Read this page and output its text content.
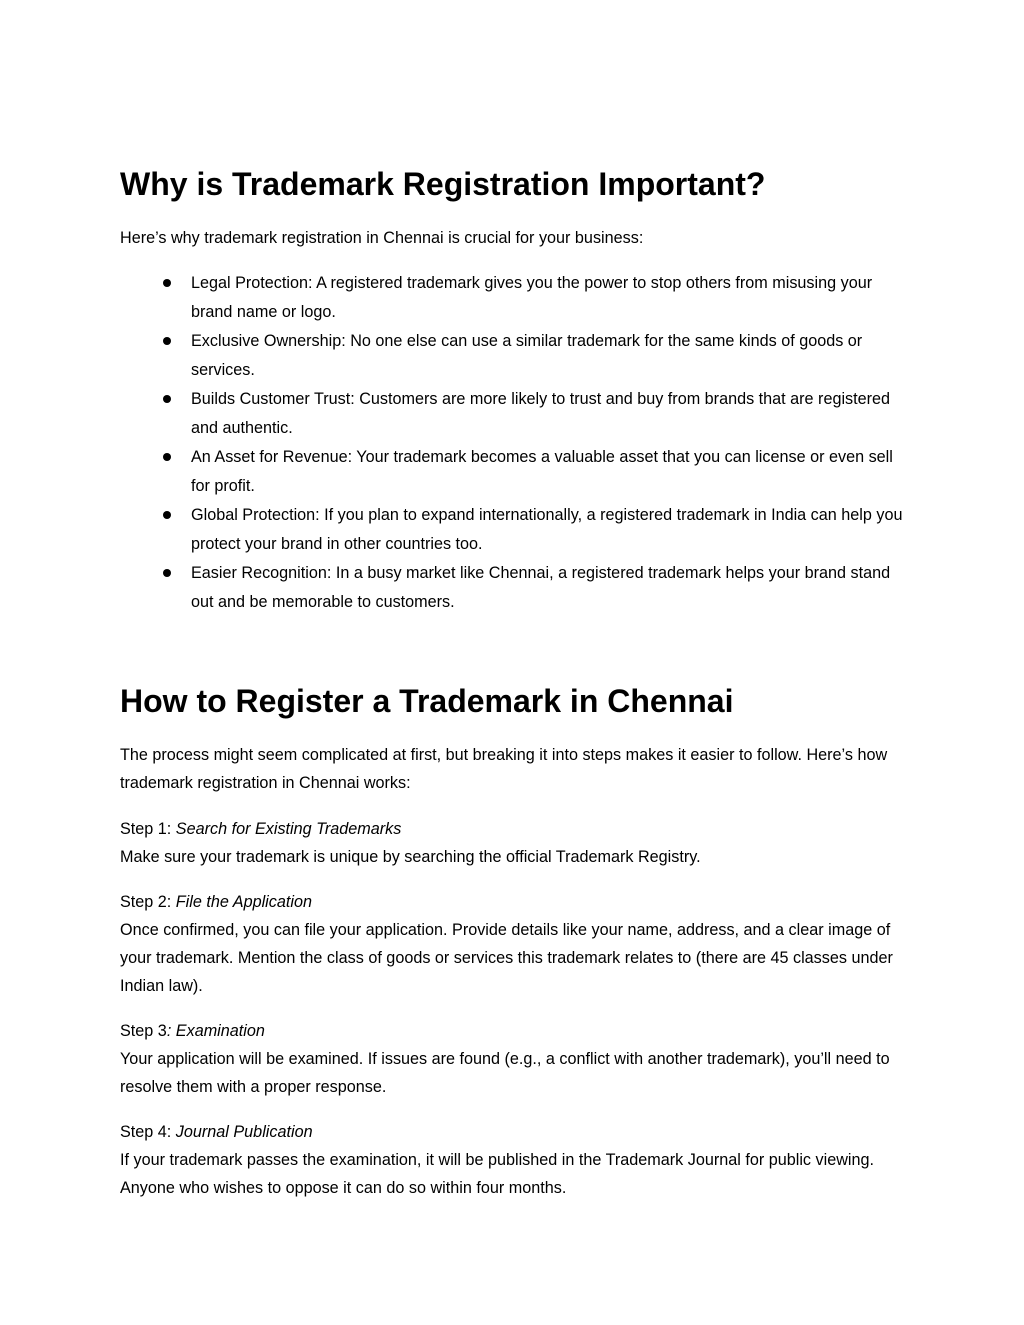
Why is Trademark Registration Important?

Here’s why trademark registration in Chennai is crucial for your business:

Legal Protection: A registered trademark gives you the power to stop others from misusing your brand name or logo.
Exclusive Ownership: No one else can use a similar trademark for the same kinds of goods or services.
Builds Customer Trust: Customers are more likely to trust and buy from brands that are registered and authentic.
An Asset for Revenue: Your trademark becomes a valuable asset that you can license or even sell for profit.
Global Protection: If you plan to expand internationally, a registered trademark in India can help you protect your brand in other countries too.
Easier Recognition: In a busy market like Chennai, a registered trademark helps your brand stand out and be memorable to customers.
How to Register a Trademark in Chennai

The process might seem complicated at first, but breaking it into steps makes it easier to follow. Here’s how trademark registration in Chennai works:

Step 1: Search for Existing Trademarks
Make sure your trademark is unique by searching the official Trademark Registry.
Step 2: File the Application
Once confirmed, you can file your application. Provide details like your name, address, and a clear image of your trademark. Mention the class of goods or services this trademark relates to (there are 45 classes under Indian law).
Step 3: Examination
Your application will be examined. If issues are found (e.g., a conflict with another trademark), you’ll need to resolve them with a proper response.
Step 4: Journal Publication
If your trademark passes the examination, it will be published in the Trademark Journal for public viewing. Anyone who wishes to oppose it can do so within four months.
